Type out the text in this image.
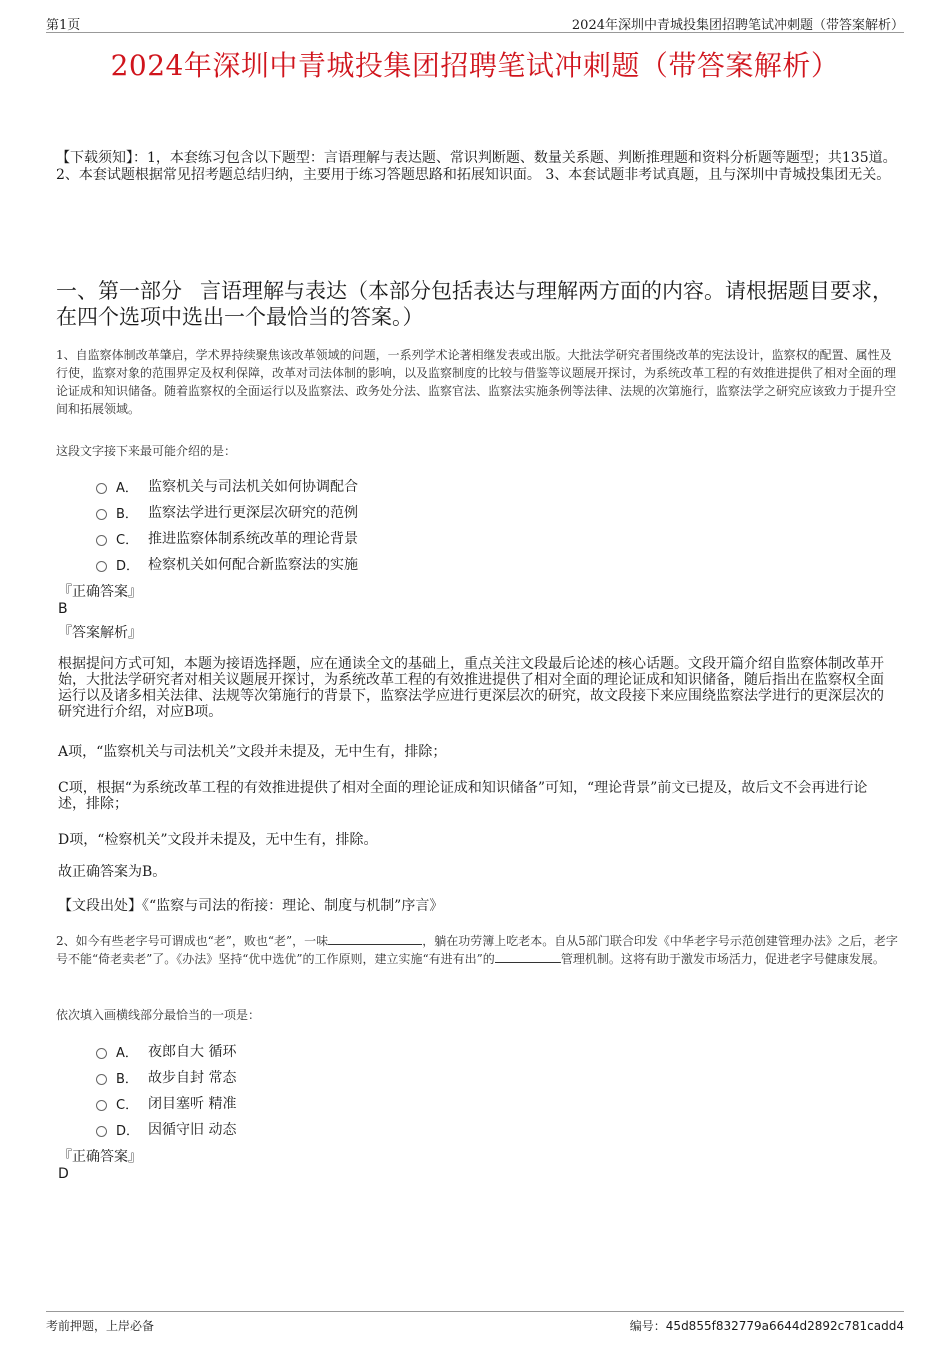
第1页	2024年深圳中青城投集团招聘笔试冲刺题（带答案解析）
2024年深圳中青城投集团招聘笔试冲刺题（带答案解析）
【下载须知】：1，本套练习包含以下题型：言语理解与表达题、常识判断题、数量关系题、判断推理题和资料分析题等题型；共135道。 2、本套试题根据常见招考题总结归纳，主要用于练习答题思路和拓展知识面。 3、本套试题非考试真题，且与深圳中青城投集团无关。
一、第一部分 言语理解与表达（本部分包括表达与理解两方面的内容。请根据题目要求，在四个选项中选出一个最恰当的答案。）
1、自监察体制改革肇启，学术界持续聚焦该改革领域的问题，一系列学术论著相继发表或出版。大批法学研究者围绕改革的宪法设计，监察权的配置、属性及行使，监察对象的范围界定及权利保障，改革对司法体制的影响，以及监察制度的比较与借鉴等议题展开探讨，为系统改革工程的有效推进提供了相对全面的理论证成和知识储备。随着监察权的全面运行以及监察法、政务处分法、监察官法、监察法实施条例等法律、法规的次第施行，监察法学之研究应该致力于提升空间和拓展领域。
这段文字接下来最可能介绍的是：
A． 监察机关与司法机关如何协调配合
B． 监察法学进行更深层次研究的范例
C． 推进监察体制系统改革的理论背景
D． 检察机关如何配合新监察法的实施
『正确答案』
B
『答案解析』
根据提问方式可知，本题为接语选择题，应在通读全文的基础上，重点关注文段最后论述的核心话题。文段开篇介绍自监察体制改革开始，大批法学研究者对相关议题展开探讨，为系统改革工程的有效推进提供了相对全面的理论证成和知识储备，随后指出在监察权全面运行以及诸多相关法律、法规等次第施行的背景下，监察法学应进行更深层次的研究，故文段接下来应围绕监察法学进行的更深层次的研究进行介绍，对应B项。
A项，“监察机关与司法机关”文段并未提及，无中生有，排除；
C项，根据“为系统改革工程的有效推进提供了相对全面的理论证成和知识储备”可知，“理论背景”前文已提及，故后文不会再进行论述，排除；
D项，“检察机关”文段并未提及，无中生有，排除。
故正确答案为B。
【文段出处】《“监察与司法的衔接：理论、制度与机制”序言》
2、如今有些老字号可谓成也“老”，败也“老”，一味	，躺在功劳簿上吃老本。自从5部门联合印发《中华老字号示范创建管理办法》之后，老字号不能“倚老卖老”了。《办法》坚持“优中选优”的工作原则，建立实施“有进有出”的	管理机制。这将有助于激发市场活力，促进老字号健康发展。
依次填入画横线部分最恰当的一项是：
A． 夜郎自大 循环
B． 故步自封 常态
C． 闭目塞听 精准
D． 因循守旧 动态
『正确答案』
D
考前押题，上岸必备	编号：45d855f832779a6644d2892c781cadd4
